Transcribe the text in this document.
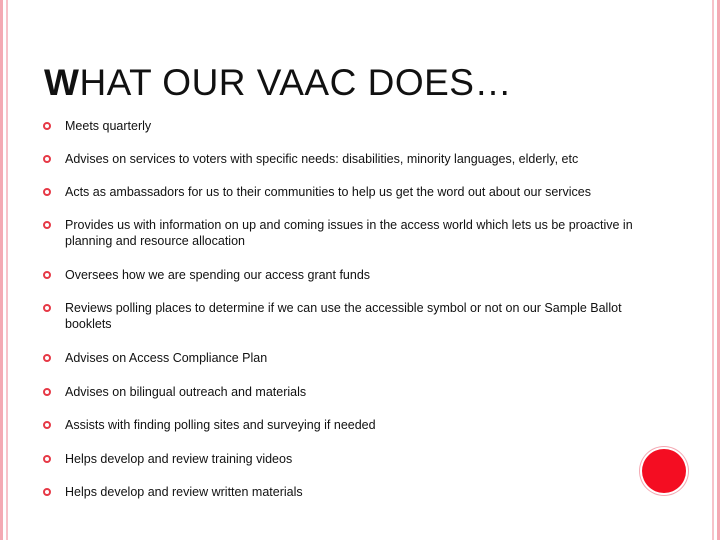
WHAT OUR VAAC DOES…
Meets quarterly
Advises on services to voters with specific needs: disabilities, minority languages, elderly, etc
Acts as ambassadors for us to their communities to help us get the word out about our services
Provides us with information on up and coming issues in the access world which lets us be proactive in planning and resource allocation
Oversees how we are spending our access grant funds
Reviews polling places to determine if we can use the accessible symbol or not on our Sample Ballot booklets
Advises on Access Compliance Plan
Advises on bilingual outreach and materials
Assists with finding polling sites and surveying if needed
Helps develop and review training videos
Helps develop and review written materials
